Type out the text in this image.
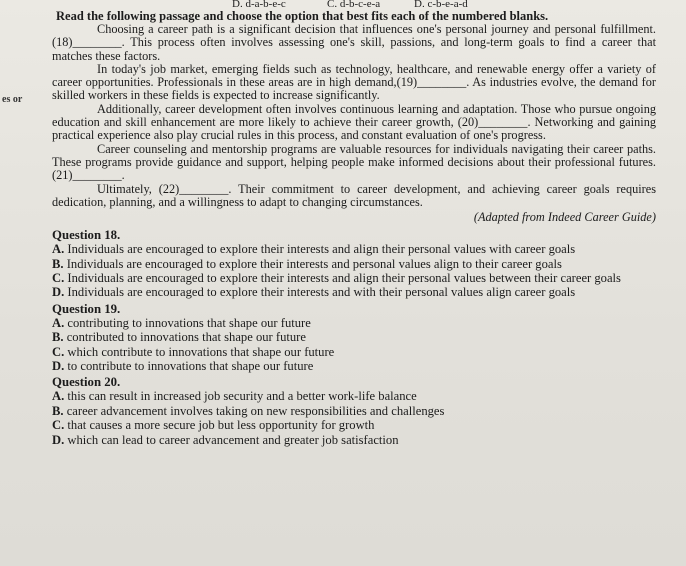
D. d-a-b-e-c	C. d-b-c-e-a	D. c-b-e-a-d
es or
Read the following passage and choose the option that best fits each of the numbered blanks.

Choosing a career path is a significant decision that influences one's personal journey and personal fulfillment. (18)________. This process often involves assessing one's skill, passions, and long-term goals to find a career that matches these factors.

In today's job market, emerging fields such as technology, healthcare, and renewable energy offer a variety of career opportunities. Professionals in these areas are in high demand,(19)________. As industries evolve, the demand for skilled workers in these fields is expected to increase significantly.

Additionally, career development often involves continuous learning and adaptation. Those who pursue ongoing education and skill enhancement are more likely to achieve their career growth, (20)________. Networking and gaining practical experience also play crucial rules in this process, and constant evaluation of one's progress.

Career counseling and mentorship programs are valuable resources for individuals navigating their career paths. These programs provide guidance and support, helping people make informed decisions about their professional futures. (21)________.

Ultimately, (22)________. Their commitment to career development, and achieving career goals requires dedication, planning, and a willingness to adapt to changing circumstances.

(Adapted from Indeed Career Guide)
Question 18.
A. Individuals are encouraged to explore their interests and align their personal values with career goals
B. Individuals are encouraged to explore their interests and personal values align to their career goals
C. Individuals are encouraged to explore their interests and align their personal values between their career goals
D. Individuals are encouraged to explore their interests and with their personal values align career goals
Question 19.
A. contributing to innovations that shape our future
B. contributed to innovations that shape our future
C. which contribute to innovations that shape our future
D. to contribute to innovations that shape our future
Question 20.
A. this can result in increased job security and a better work-life balance
B. career advancement involves taking on new responsibilities and challenges
C. that causes a more secure job but less opportunity for growth
D. which can lead to career advancement and greater job satisfaction
